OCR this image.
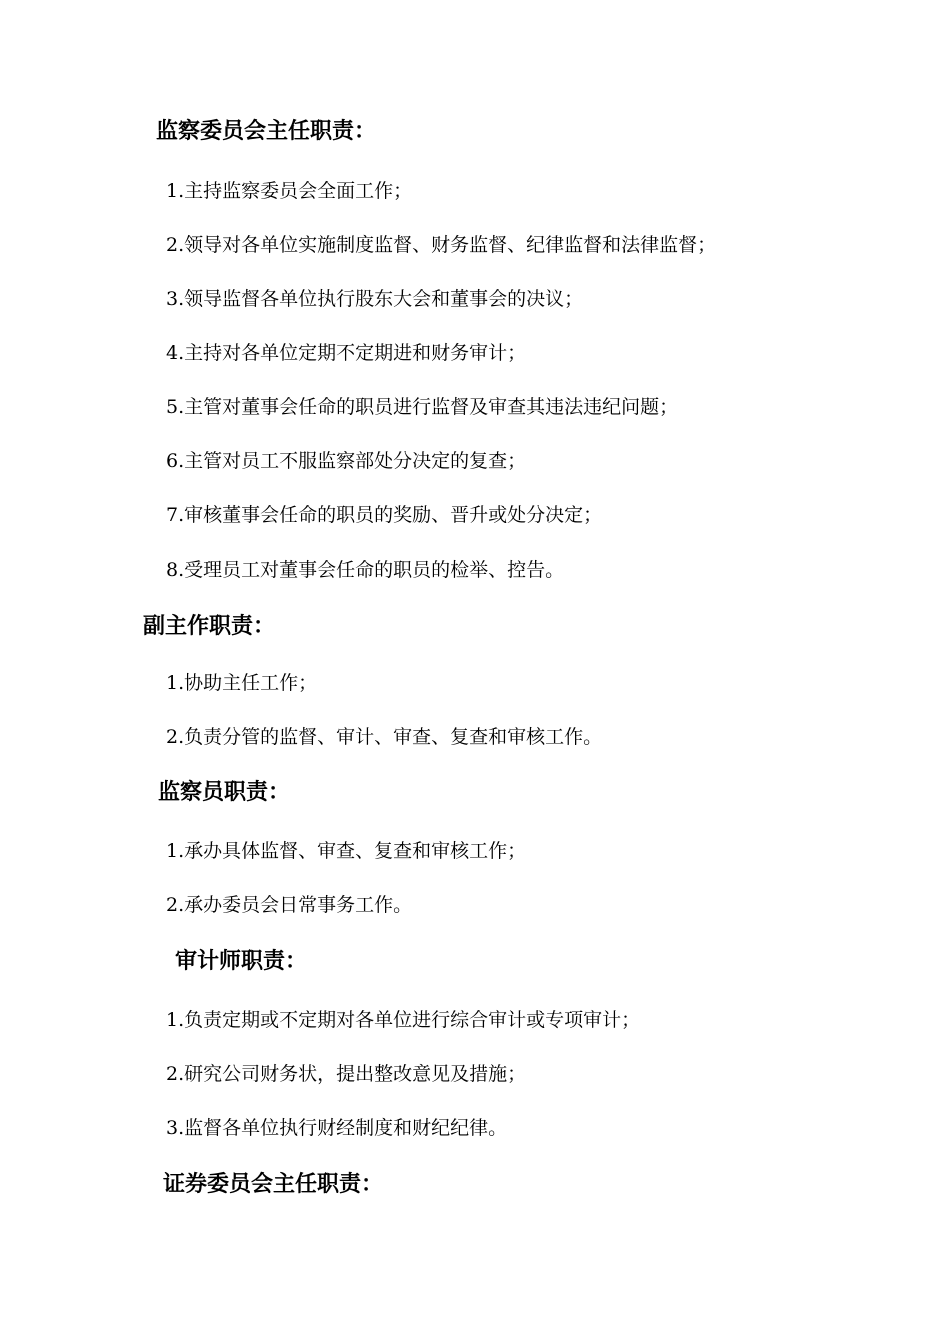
监察委员会主任职责：
1.主持监察委员会全面工作；
2.领导对各单位实施制度监督、财务监督、纪律监督和法律监督；
3.领导监督各单位执行股东大会和董事会的决议；
4.主持对各单位定期不定期进和财务审计；
5.主管对董事会任命的职员进行监督及审查其违法违纪问题；
6.主管对员工不服监察部处分决定的复查；
7.审核董事会任命的职员的奖励、晋升或处分决定；
8.受理员工对董事会任命的职员的检举、控告。
副主作职责：
1.协助主任工作；
2.负责分管的监督、审计、审查、复查和审核工作。
监察员职责：
1.承办具体监督、审查、复查和审核工作；
2.承办委员会日常事务工作。
审计师职责：
1.负责定期或不定期对各单位进行综合审计或专项审计；
2.研究公司财务状，提出整改意见及措施；
3.监督各单位执行财经制度和财纪纪律。
证券委员会主任职责：
